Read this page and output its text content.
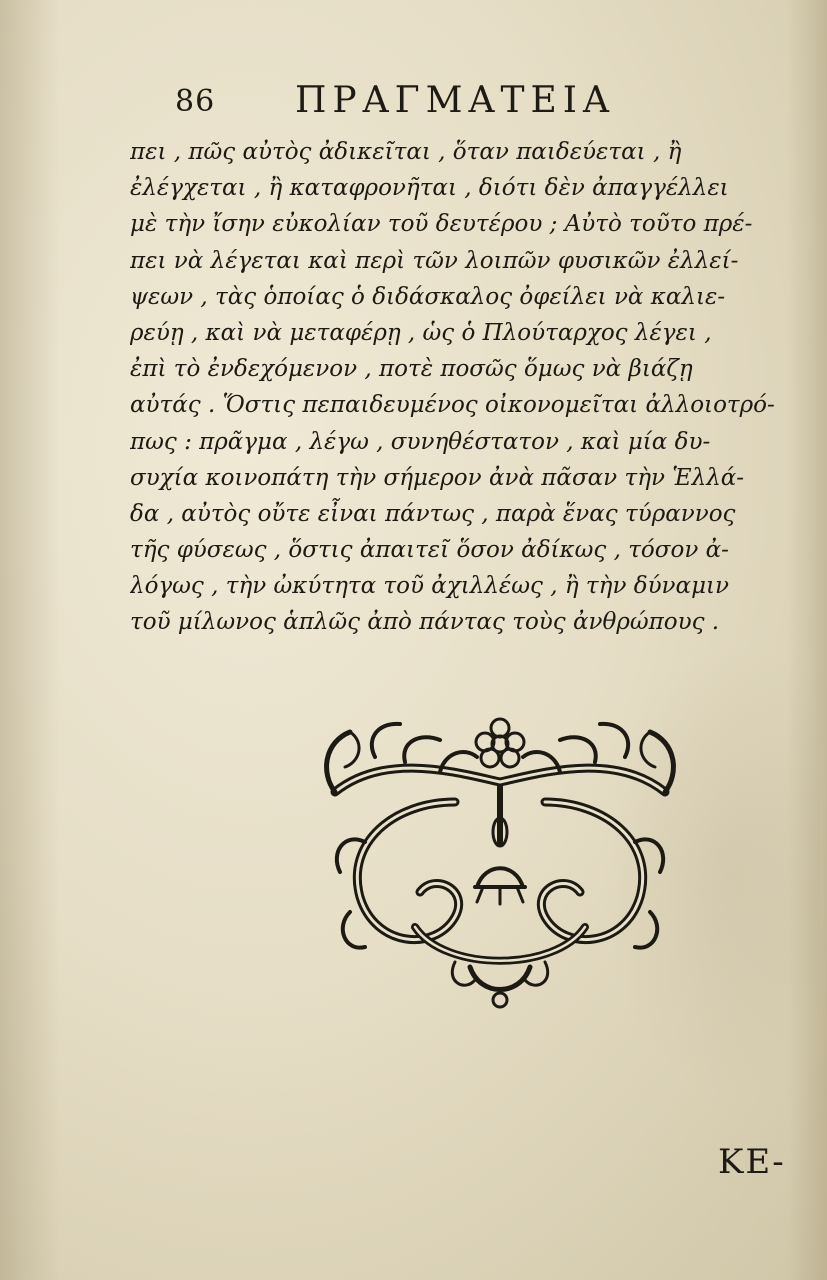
86 ΠΡΑΓΜΑΤΕΙΑ
πει , πῶς αὐτὸς ἀδικεῖται , ὅταν παιδεύεται , ἢ
ἐλέγχεται , ἢ καταφρονῆται , διότι δὲν ἀπαγγέλλει
μὲ τὴν ἴσην εὐκολίαν τοῦ δευτέρου ; Αὐτὸ τοῦτο πρέ-
πει νὰ λέγεται καὶ περὶ τῶν λοιπῶν φυσικῶν ἐλλεί-
ψεων , τὰς ὁποίας ὁ διδάσκαλος ὀφείλει νὰ καλιε-
ρεύῃ , καὶ νὰ μεταφέρῃ , ὡς ὁ Πλούταρχος λέγει ,
ἐπὶ τὸ ἐνδεχόμενον , ποτὲ ποσῶς ὅμως νὰ βιάζῃ
αὐτάς . Ὅστις πεπαιδευμένος οἰκονομεῖται ἀλλοιοτρό-
πως : πρᾶγμα , λέγω , συνηθέστατον , καὶ μία δυ-
συχία κοινοπάτη τὴν σήμερον ἀνὰ πᾶσαν τὴν Ἑλλά-
δα , αὐτὸς οὔτε εἶναι πάντως , παρὰ ἕνας τύραννος
τῆς φύσεως , ὅστις ἀπαιτεῖ ὅσον ἀδίκως , τόσον ἀ-
λόγως , τὴν ὠκύτητα τοῦ ἀχιλλέως , ἢ τὴν δύναμιν
τοῦ μίλωνος ἁπλῶς ἀπὸ πάντας τοὺς ἀνθρώπους .
ΚΕ-
